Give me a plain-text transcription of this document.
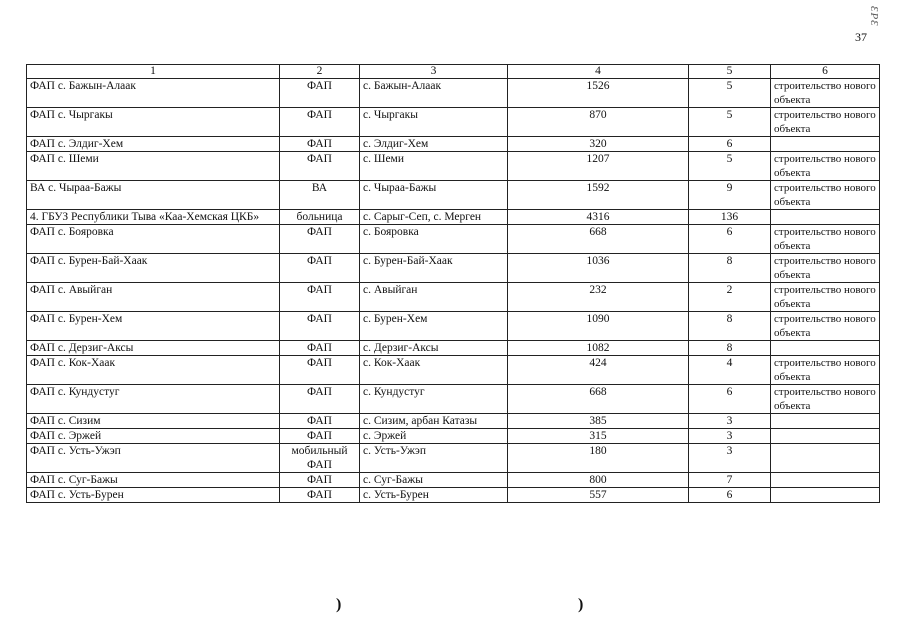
ƐΡƐ
37
1	2	3	4	5	6
ФАП с. Бажын-Алаак	ФАП	с. Бажын-Алаак	1526	5	строительство нового объекта
ФАП с. Чыргакы	ФАП	с. Чыргакы	870	5	строительство нового объекта
ФАП с. Элдиг-Хем	ФАП	с. Элдиг-Хем	320	6	
ФАП с. Шеми	ФАП	с. Шеми	1207	5	строительство нового объекта
ВА с. Чыраа-Бажы	ВА	с. Чыраа-Бажы	1592	9	строительство нового объекта
4. ГБУЗ Республики Тыва «Каа-Хемская ЦКБ»	больница	с. Сарыг-Сеп, с. Мерген	4316	136	
ФАП с. Бояровка	ФАП	с. Бояровка	668	6	строительство нового объекта
ФАП с. Бурен-Бай-Хаак	ФАП	с. Бурен-Бай-Хаак	1036	8	строительство нового объекта
ФАП с. Авыйган	ФАП	с. Авыйган	232	2	строительство нового объекта
ФАП с. Бурен-Хем	ФАП	с. Бурен-Хем	1090	8	строительство нового объекта
ФАП с. Дерзиг-Аксы	ФАП	с. Дерзиг-Аксы	1082	8	
ФАП с. Кок-Хаак	ФАП	с. Кок-Хаак	424	4	строительство нового объекта
ФАП с. Кундустуг	ФАП	с. Кундустуг	668	6	строительство нового объекта
ФАП с. Сизим	ФАП	с. Сизим, арбан Катазы	385	3	
ФАП с. Эржей	ФАП	с. Эржей	315	3	
ФАП с. Усть-Ужэп	мобильный ФАП	с. Усть-Ужэп	180	3	
ФАП с. Суг-Бажы	ФАП	с. Суг-Бажы	800	7	
ФАП с. Усть-Бурен	ФАП	с. Усть-Бурен	557	6	
)	)
